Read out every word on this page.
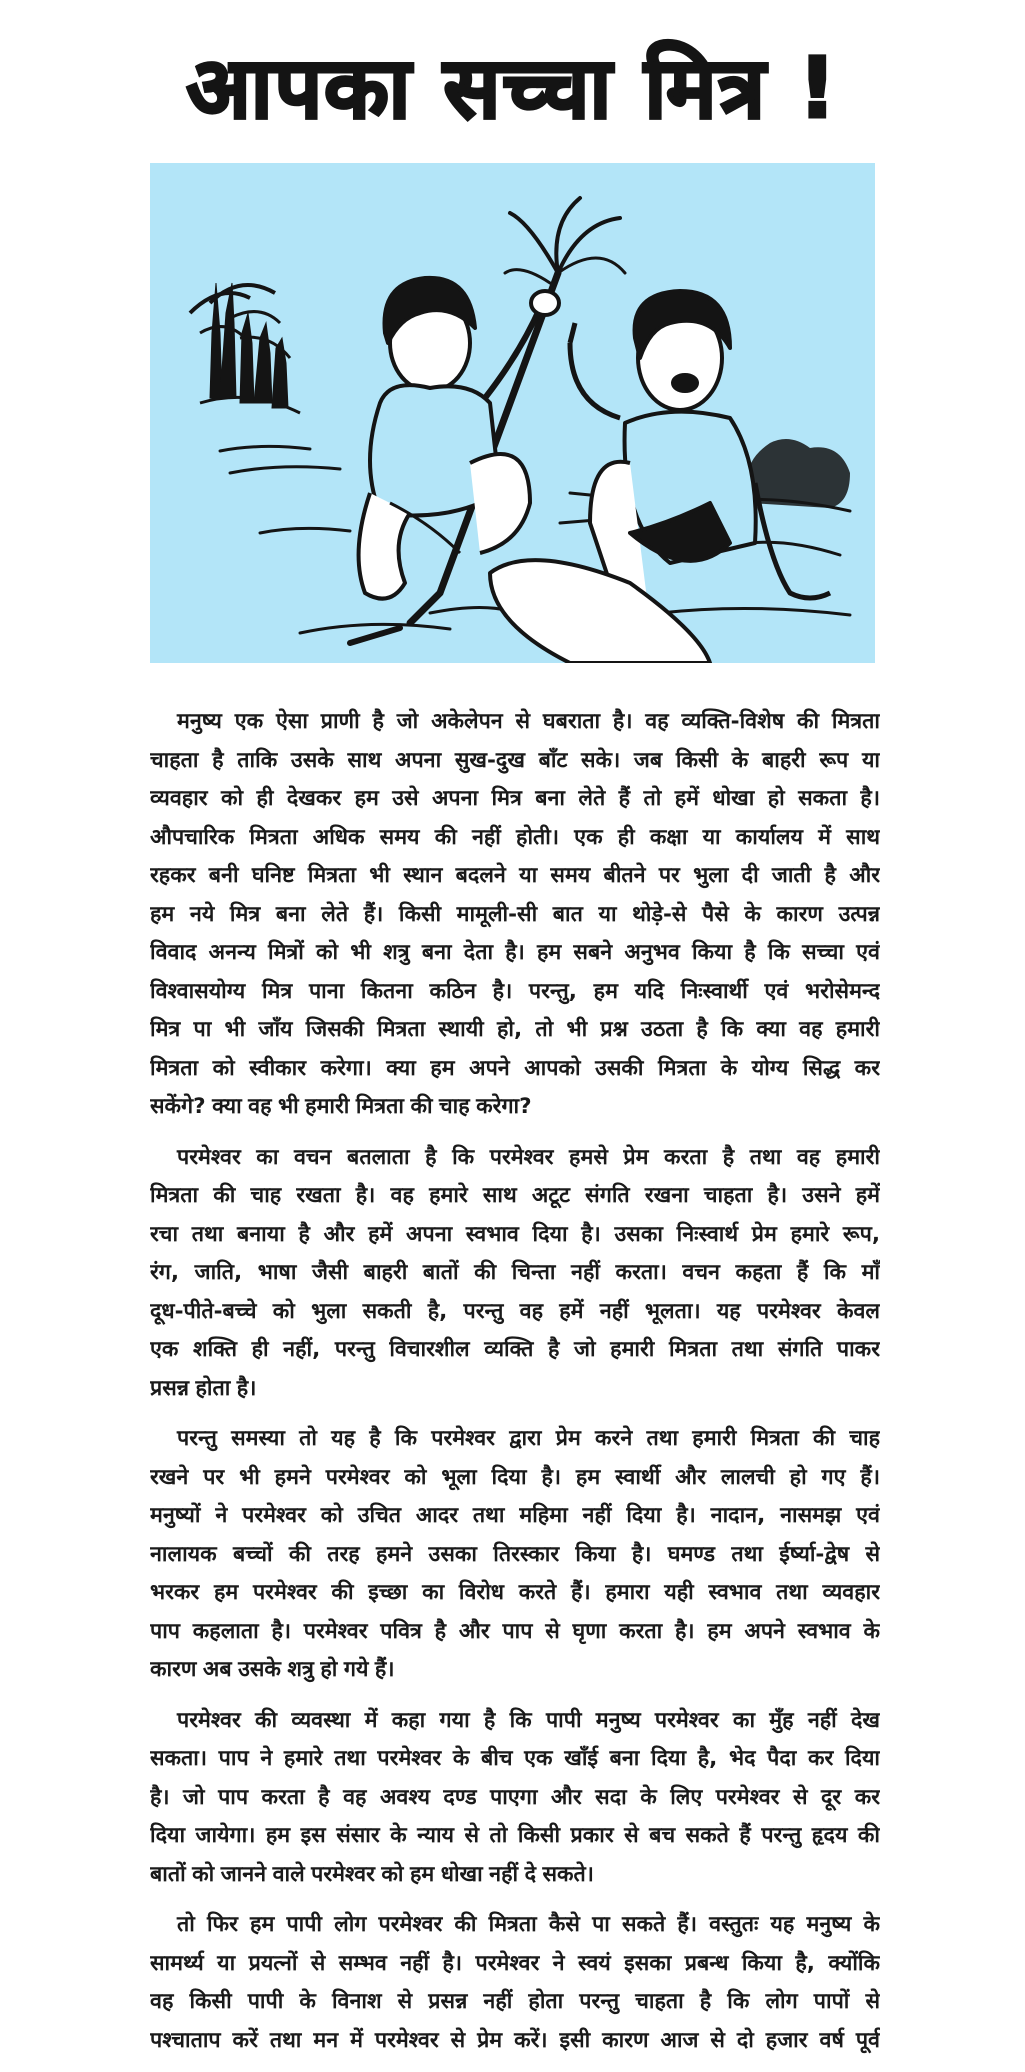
आपका सच्चा मित्र !
मनुष्य एक ऐसा प्राणी है जो अकेलेपन से घबराता है। वह व्यक्ति-विशेष की मित्रता
चाहता है ताकि उसके साथ अपना सुख-दुख बाँट सके। जब किसी के बाहरी रूप या
व्यवहार को ही देखकर हम उसे अपना मित्र बना लेते हैं तो हमें धोखा हो सकता है।
औपचारिक मित्रता अधिक समय की नहीं होती। एक ही कक्षा या कार्यालय में साथ
रहकर बनी घनिष्ट मित्रता भी स्थान बदलने या समय बीतने पर भुला दी जाती है और
हम नये मित्र बना लेते हैं। किसी मामूली-सी बात या थोड़े-से पैसे के कारण उत्पन्न
विवाद अनन्य मित्रों को भी शत्रु बना देता है। हम सबने अनुभव किया है कि सच्चा एवं
विश्वासयोग्य मित्र पाना कितना कठिन है। परन्तु, हम यदि निःस्वार्थी एवं भरोसेमन्द
मित्र पा भी जाँय जिसकी मित्रता स्थायी हो, तो भी प्रश्न उठता है कि क्या वह हमारी
मित्रता को स्वीकार करेगा। क्या हम अपने आपको उसकी मित्रता के योग्य सिद्ध कर
सकेंगे? क्या वह भी हमारी मित्रता की चाह करेगा?
परमेश्वर का वचन बतलाता है कि परमेश्वर हमसे प्रेम करता है तथा वह हमारी
मित्रता की चाह रखता है। वह हमारे साथ अटूट संगति रखना चाहता है। उसने हमें
रचा तथा बनाया है और हमें अपना स्वभाव दिया है। उसका निःस्वार्थ प्रेम हमारे रूप,
रंग, जाति, भाषा जैसी बाहरी बातों की चिन्ता नहीं करता। वचन कहता हैं कि माँ
दूध-पीते-बच्चे को भुला सकती है, परन्तु वह हमें नहीं भूलता। यह परमेश्वर केवल
एक शक्ति ही नहीं, परन्तु विचारशील व्यक्ति है जो हमारी मित्रता तथा संगति पाकर
प्रसन्न होता है।
परन्तु समस्या तो यह है कि परमेश्वर द्वारा प्रेम करने तथा हमारी मित्रता की चाह
रखने पर भी हमने परमेश्वर को भूला दिया है। हम स्वार्थी और लालची हो गए हैं।
मनुष्यों ने परमेश्वर को उचित आदर तथा महिमा नहीं दिया है। नादान, नासमझ एवं
नालायक बच्चों की तरह हमने उसका तिरस्कार किया है। घमण्ड तथा ईर्ष्या-द्वेष से
भरकर हम परमेश्वर की इच्छा का विरोध करते हैं। हमारा यही स्वभाव तथा व्यवहार
पाप कहलाता है। परमेश्वर पवित्र है और पाप से घृणा करता है। हम अपने स्वभाव के
कारण अब उसके शत्रु हो गये हैं।
परमेश्वर की व्यवस्था में कहा गया है कि पापी मनुष्य परमेश्वर का मुँह नहीं देख
सकता। पाप ने हमारे तथा परमेश्वर के बीच एक खाँई बना दिया है, भेद पैदा कर दिया
है। जो पाप करता है वह अवश्य दण्ड पाएगा और सदा के लिए परमेश्वर से दूर कर
दिया जायेगा। हम इस संसार के न्याय से तो किसी प्रकार से बच सकते हैं परन्तु हृदय की
बातों को जानने वाले परमेश्वर को हम धोखा नहीं दे सकते।
तो फिर हम पापी लोग परमेश्वर की मित्रता कैसे पा सकते हैं। वस्तुतः यह मनुष्य के
सामर्थ्य या प्रयत्नों से सम्भव नहीं है। परमेश्वर ने स्वयं इसका प्रबन्ध किया है, क्योंकि
वह किसी पापी के विनाश से प्रसन्न नहीं होता परन्तु चाहता है कि लोग पापों से
पश्चाताप करें तथा मन में परमेश्वर से प्रेम करें। इसी कारण आज से दो हजार वर्ष पूर्व
